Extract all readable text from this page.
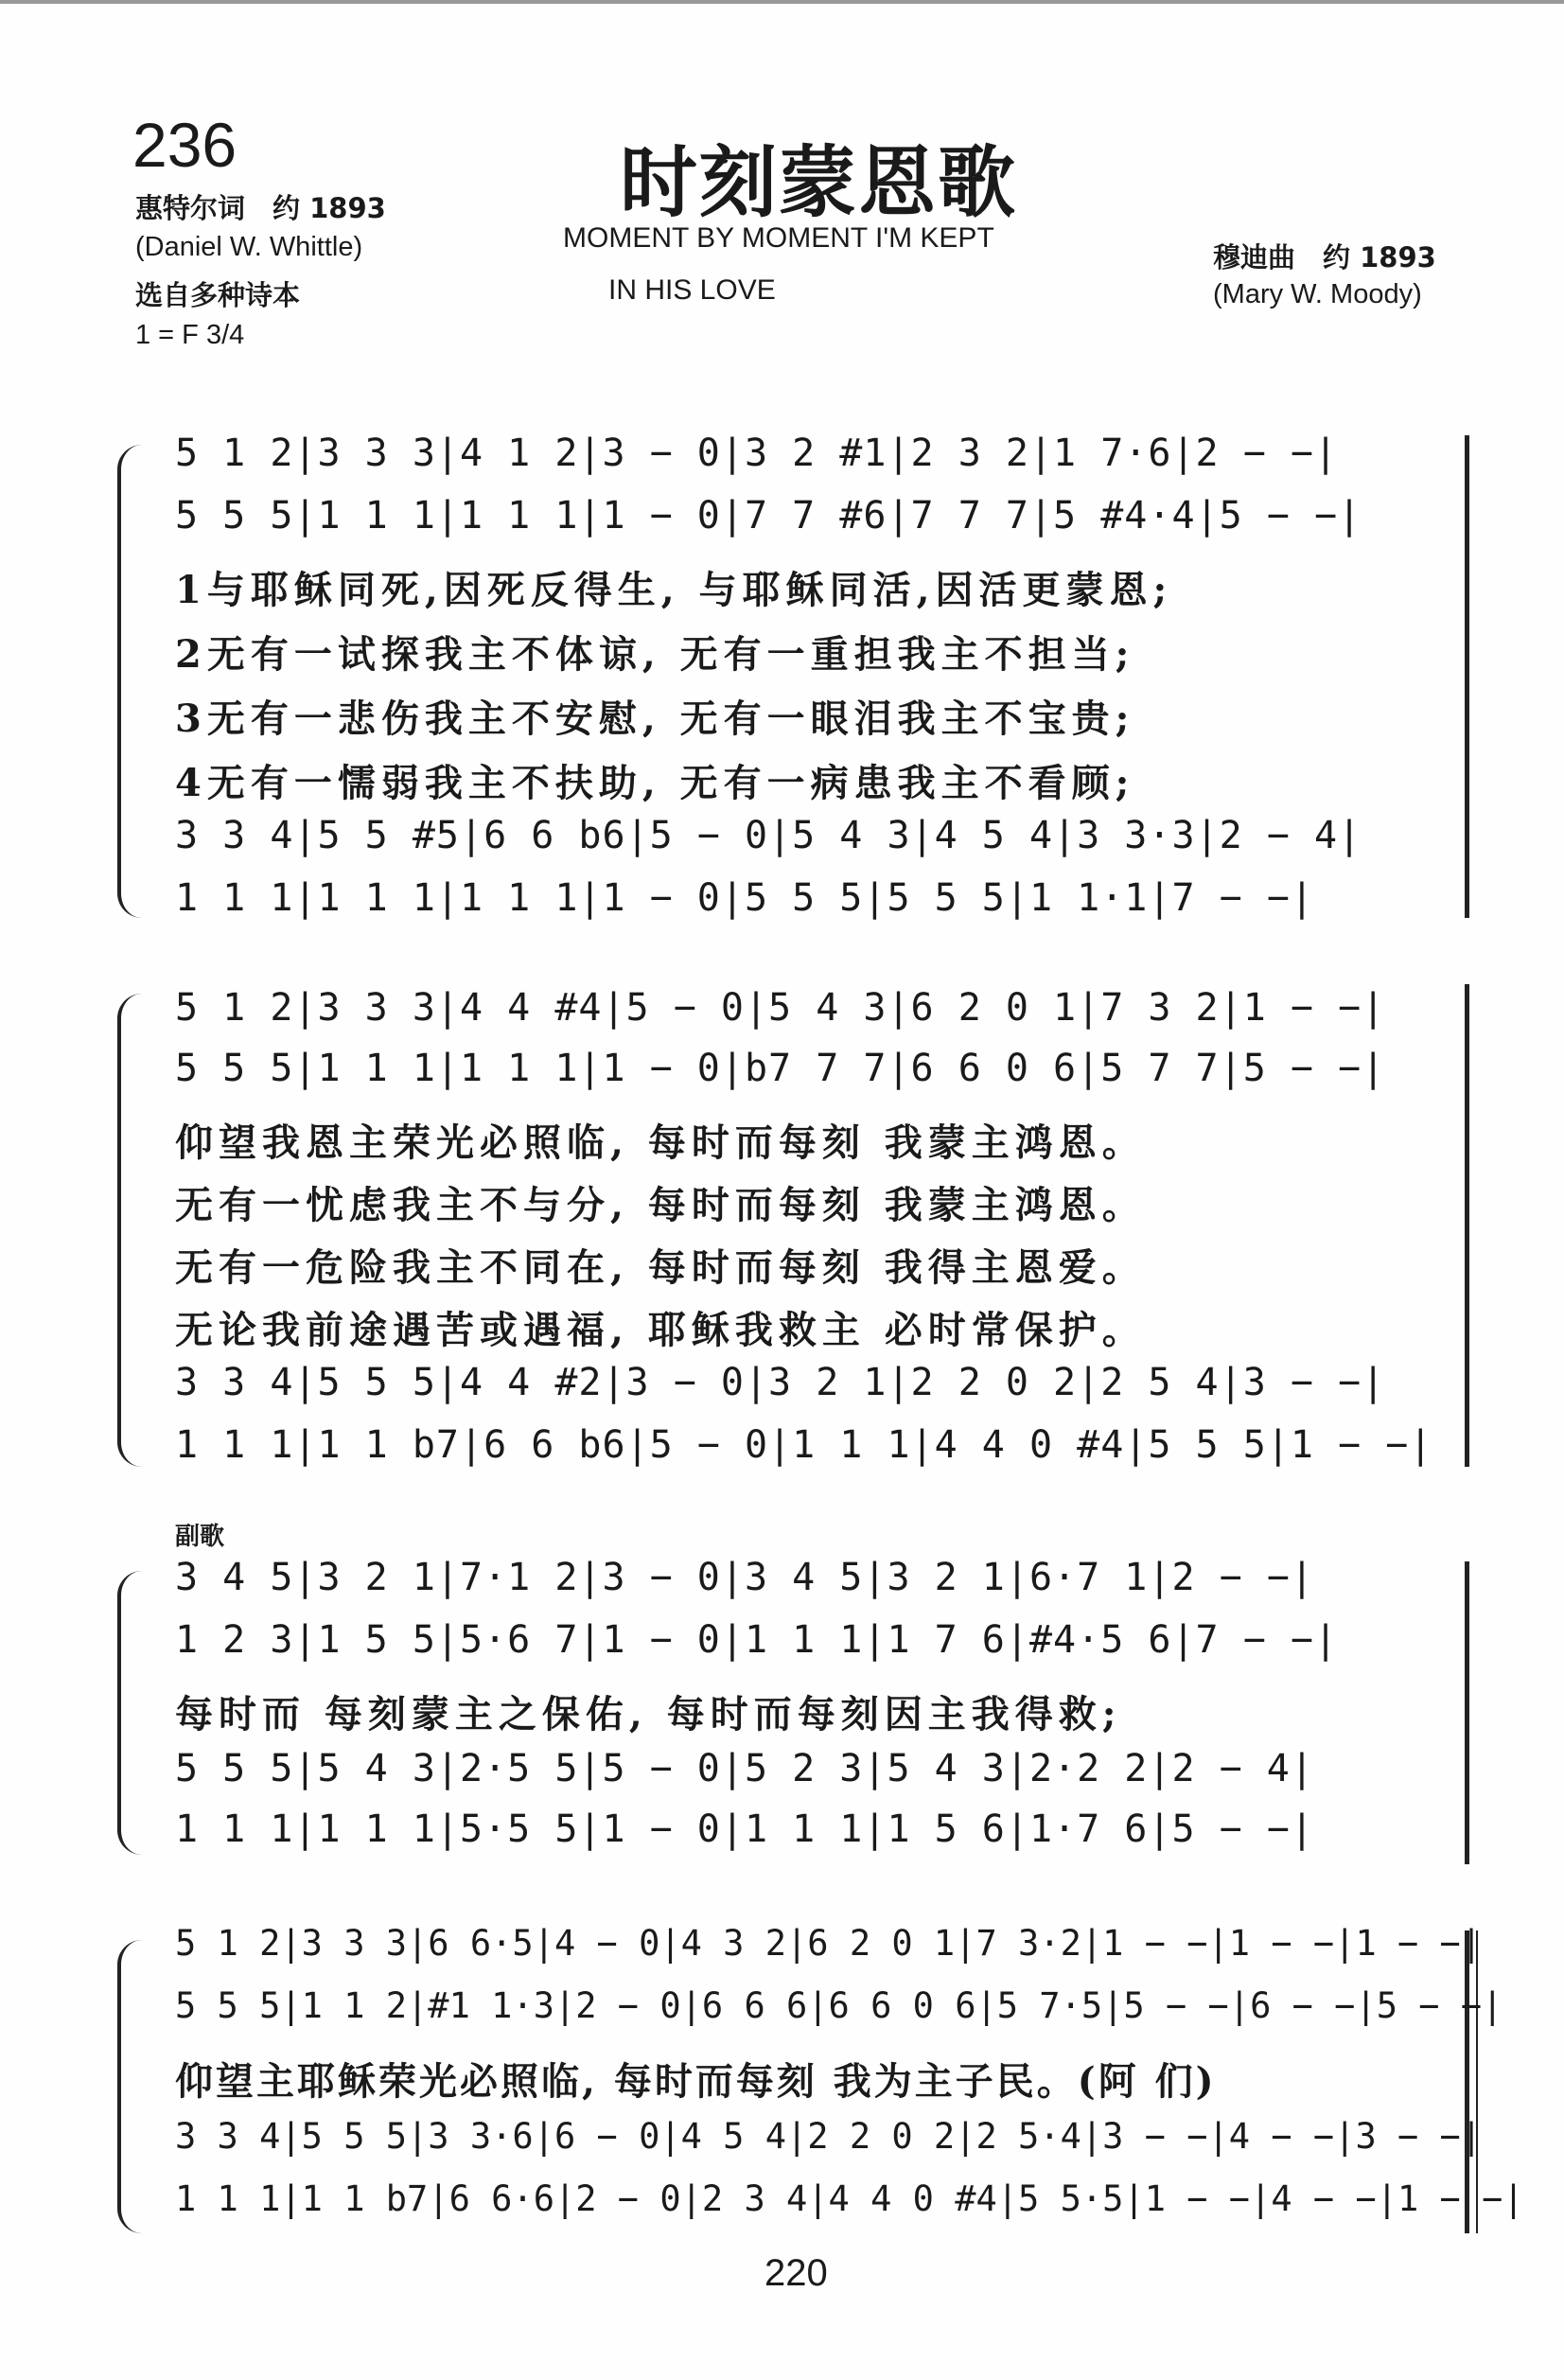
236	时刻蒙恩歌
MOMENT BY MOMENT I'M KEPT
IN HIS LOVE
惠特尔词　约 1893
(Daniel W. Whittle)
选自多种诗本
1 = F 3/4
穆迪曲　约 1893
(Mary W. Moody)
5 1 2|3 3 3|4 1 2|3 − 0|3 2 #1|2 3 2|1 7·6|2 − −|
5 5 5|1 1 1|1 1 1|1 − 0|7 7 #6|7 7 7|5 #4·4|5 − −|
1与耶稣同死,因死反得生, 与耶稣同活,因活更蒙恩;
2无有一试探我主不体谅, 无有一重担我主不担当;
3无有一悲伤我主不安慰, 无有一眼泪我主不宝贵;
4无有一懦弱我主不扶助, 无有一病患我主不看顾;
3 3 4|5 5 #5|6 6 b6|5 − 0|5 4 3|4 5 4|3 3·3|2 − 4|
1 1 1|1 1 1|1 1 1|1 − 0|5 5 5|5 5 5|1 1·1|7 − −|
5 1 2|3 3 3|4 4 #4|5 − 0|5 4 3|6 2 0 1|7 3 2|1 − −|
5 5 5|1 1 1|1 1 1|1 − 0|b7 7 7|6 6 0 6|5 7 7|5 − −|
仰望我恩主荣光必照临, 每时而每刻 我蒙主鸿恩。
无有一忧虑我主不与分, 每时而每刻 我蒙主鸿恩。
无有一危险我主不同在, 每时而每刻 我得主恩爱。
无论我前途遇苦或遇福, 耶稣我救主 必时常保护。
3 3 4|5 5 5|4 4 #2|3 − 0|3 2 1|2 2 0 2|2 5 4|3 − −|
1 1 1|1 1 b7|6 6 b6|5 − 0|1 1 1|4 4 0 #4|5 5 5|1 − −|
副歌
3 4 5|3 2 1|7·1 2|3 − 0|3 4 5|3 2 1|6·7 1|2 − −|
1 2 3|1 5 5|5·6 7|1 − 0|1 1 1|1 7 6|#4·5 6|7 − −|
每时而 每刻蒙主之保佑, 每时而每刻因主我得救;
5 5 5|5 4 3|2·5 5|5 − 0|5 2 3|5 4 3|2·2 2|2 − 4|
1 1 1|1 1 1|5·5 5|1 − 0|1 1 1|1 5 6|1·7 6|5 − −|
5 1 2|3 3 3|6 6·5|4 − 0|4 3 2|6 2 0 1|7 3·2|1 − −|1 − −|1 − −|
5 5 5|1 1 2|#1 1·3|2 − 0|6 6 6|6 6 0 6|5 7·5|5 − −|6 − −|5 − −|
仰望主耶稣荣光必照临, 每时而每刻 我为主子民。(阿 们)
3 3 4|5 5 5|3 3·6|6 − 0|4 5 4|2 2 0 2|2 5·4|3 − −|4 − −|3 − −|
1 1 1|1 1 b7|6 6·6|2 − 0|2 3 4|4 4 0 #4|5 5·5|1 − −|4 − −|1 − −|
220
